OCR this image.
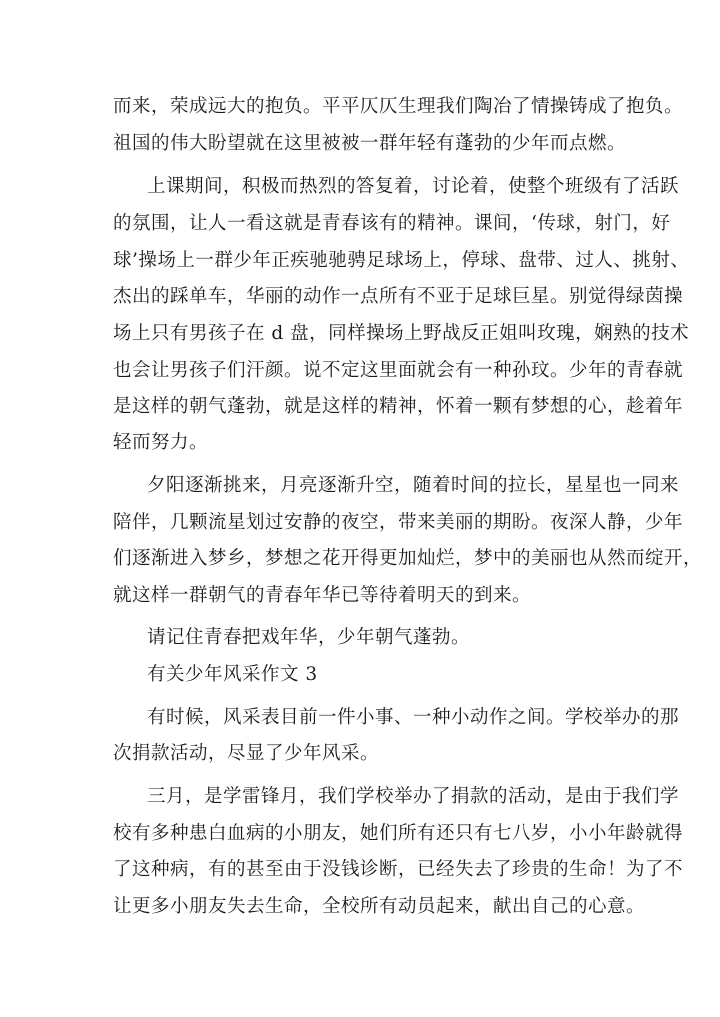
而来，荣成远大的抱负。平平仄仄生理我们陶冶了情操铸成了抱负。
祖国的伟大盼望就在这里被被一群年轻有蓬勃的少年而点燃。
上课期间，积极而热烈的答复着，讨论着，使整个班级有了活跃
的氛围，让人一看这就是青春该有的精神。课间，‘传球，射门，好
球’操场上一群少年正疾驰驰骋足球场上，停球、盘带、过人、挑射、
杰出的踩单车，华丽的动作一点所有不亚于足球巨星。别觉得绿茵操
场上只有男孩子在 d 盘，同样操场上野战反正姐叫玫瑰，娴熟的技术
也会让男孩子们汗颜。说不定这里面就会有一种孙玟。少年的青春就
是这样的朝气蓬勃，就是这样的精神，怀着一颗有梦想的心，趁着年
轻而努力。
夕阳逐渐挑来，月亮逐渐升空，随着时间的拉长，星星也一同来
陪伴，几颗流星划过安静的夜空，带来美丽的期盼。夜深人静，少年
们逐渐进入梦乡，梦想之花开得更加灿烂，梦中的美丽也从然而绽开，
就这样一群朝气的青春年华已等待着明天的到来。
请记住青春把戏年华，少年朝气蓬勃。
有关少年风采作文 3
有时候，风采表目前一件小事、一种小动作之间。学校举办的那
次捐款活动，尽显了少年风采。
三月，是学雷锋月，我们学校举办了捐款的活动，是由于我们学
校有多种患白血病的小朋友，她们所有还只有七八岁，小小年龄就得
了这种病，有的甚至由于没钱诊断，已经失去了珍贵的生命！为了不
让更多小朋友失去生命，全校所有动员起来，献出自己的心意。
